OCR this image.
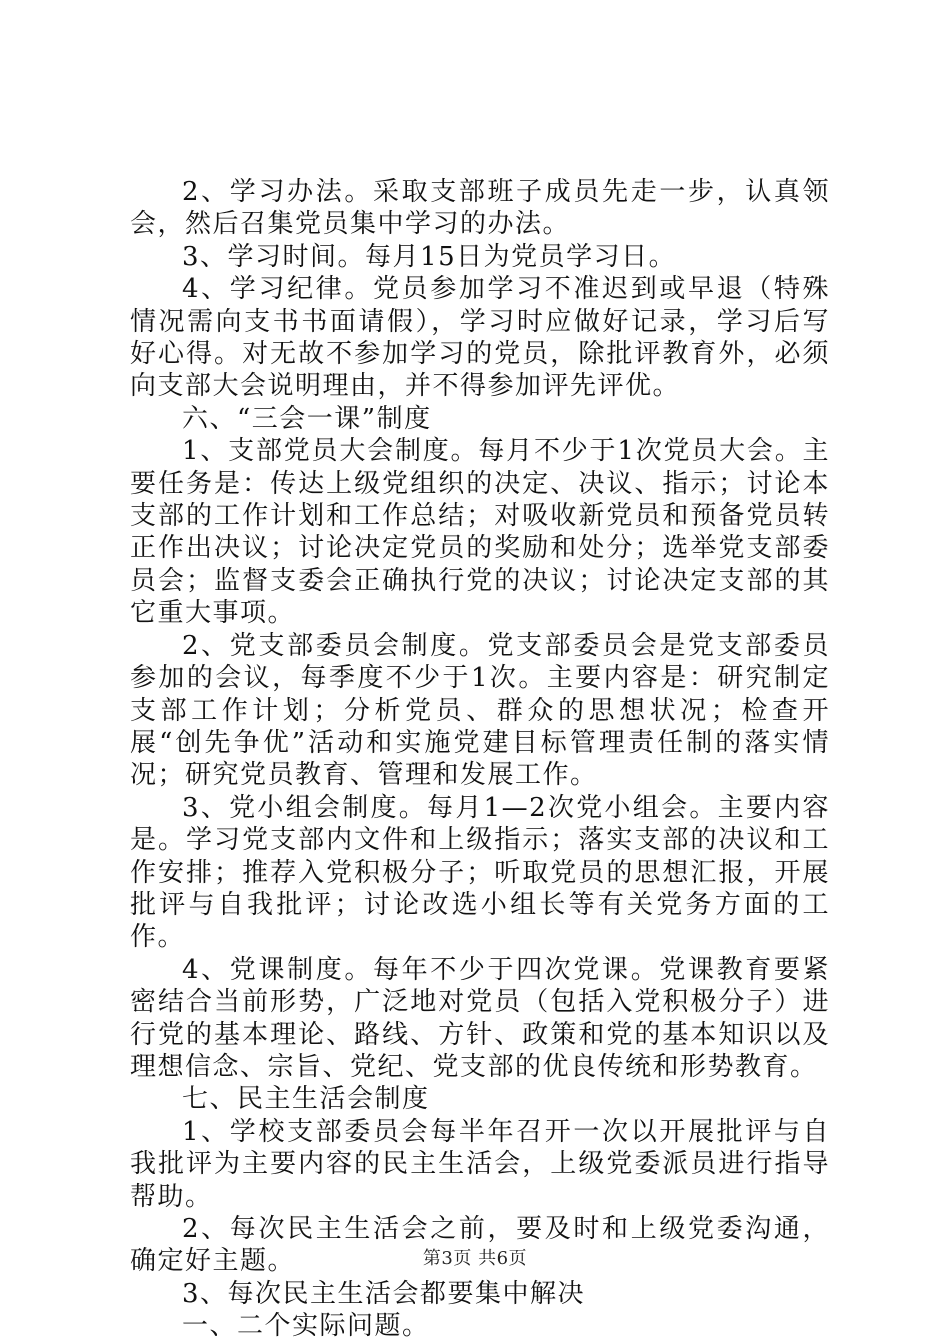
2、学习办法。采取支部班子成员先走一步，认真领会，然后召集党员集中学习的办法。

3、学习时间。每月15日为党员学习日。

4、学习纪律。党员参加学习不准迟到或早退（特殊情况需向支书书面请假），学习时应做好记录，学习后写好心得。对无故不参加学习的党员，除批评教育外，必须向支部大会说明理由，并不得参加评先评优。

六、“三会一课”制度

1、支部党员大会制度。每月不少于1次党员大会。主要任务是：传达上级党组织的决定、决议、指示；讨论本支部的工作计划和工作总结；对吸收新党员和预备党员转正作出决议；讨论决定党员的奖励和处分；选举党支部委员会；监督支委会正确执行党的决议；讨论决定支部的其它重大事项。

2、党支部委员会制度。党支部委员会是党支部委员参加的会议，每季度不少于1次。主要内容是：研究制定支部工作计划；分析党员、群众的思想状况；检查开展“创先争优”活动和实施党建目标管理责任制的落实情况；研究党员教育、管理和发展工作。

3、党小组会制度。每月1—2次党小组会。主要内容是。学习党支部内文件和上级指示；落实支部的决议和工作安排；推荐入党积极分子；听取党员的思想汇报，开展批评与自我批评；讨论改选小组长等有关党务方面的工作。

4、党课制度。每年不少于四次党课。党课教育要紧密结合当前形势，广泛地对党员（包括入党积极分子）进行党的基本理论、路线、方针、政策和党的基本知识以及理想信念、宗旨、党纪、党支部的优良传统和形势教育。

七、民主生活会制度

1、学校支部委员会每半年召开一次以开展批评与自我批评为主要内容的民主生活会，上级党委派员进行指导帮助。

2、每次民主生活会之前，要及时和上级党委沟通，确定好主题。

3、每次民主生活会都要集中解决

一、二个实际问题。

第3页 共6页
